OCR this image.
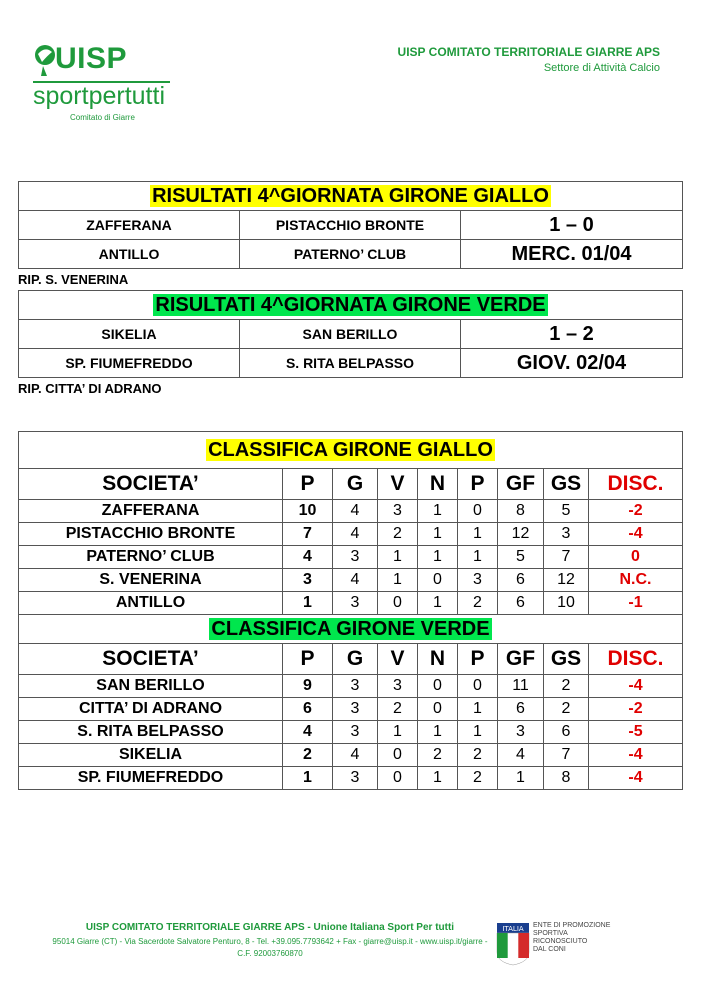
UISP
sportpertutti
Comitato di Giarre
UISP COMITATO TERRITORIALE GIARRE APS
Settore di Attività Calcio
RISULTATI 4^GIORNATA GIRONE GIALLO		
ZAFFERANA	PISTACCHIO BRONTE	1 – 0
ANTILLO	PATERNO’ CLUB	MERC. 01/04
RIP. S. VENERINA
RISULTATI 4^GIORNATA GIRONE VERDE		
SIKELIA	SAN BERILLO	1 – 2
SP. FIUMEFREDDO	S. RITA BELPASSO	GIOV. 02/04
RIP. CITTA’ DI ADRANO
CLASSIFICA GIRONE GIALLO								
SOCIETA’	P	G	V	N	P	GF	GS	DISC.
ZAFFERANA	10	4	3	1	0	8	5	-2
PISTACCHIO BRONTE	7	4	2	1	1	12	3	-4
PATERNO’ CLUB	4	3	1	1	1	5	7	0
S. VENERINA	3	4	1	0	3	6	12	N.C.
ANTILLO	1	3	0	1	2	6	10	-1
CLASSIFICA GIRONE VERDE								
SOCIETA’	P	G	V	N	P	GF	GS	DISC.
SAN BERILLO	9	3	3	0	0	11	2	-4
CITTA’ DI ADRANO	6	3	2	0	1	6	2	-2
S. RITA BELPASSO	4	3	1	1	1	3	6	-5
SIKELIA	2	4	0	2	2	4	7	-4
SP. FIUMEFREDDO	1	3	0	1	2	1	8	-4
UISP COMITATO TERRITORIALE GIARRE APS - Unione Italiana Sport Per tutti
95014 Giarre (CT) - Via Sacerdote Salvatore Penturo, 8 - Tel. +39.095.7793642 + Fax - giarre@uisp.it - www.uisp.it/giarre -
C.F. 92003760870
ITALIA ENTE DI PROMOZIONE
SPORTIVA
RICONOSCIUTO
DAL CONI
